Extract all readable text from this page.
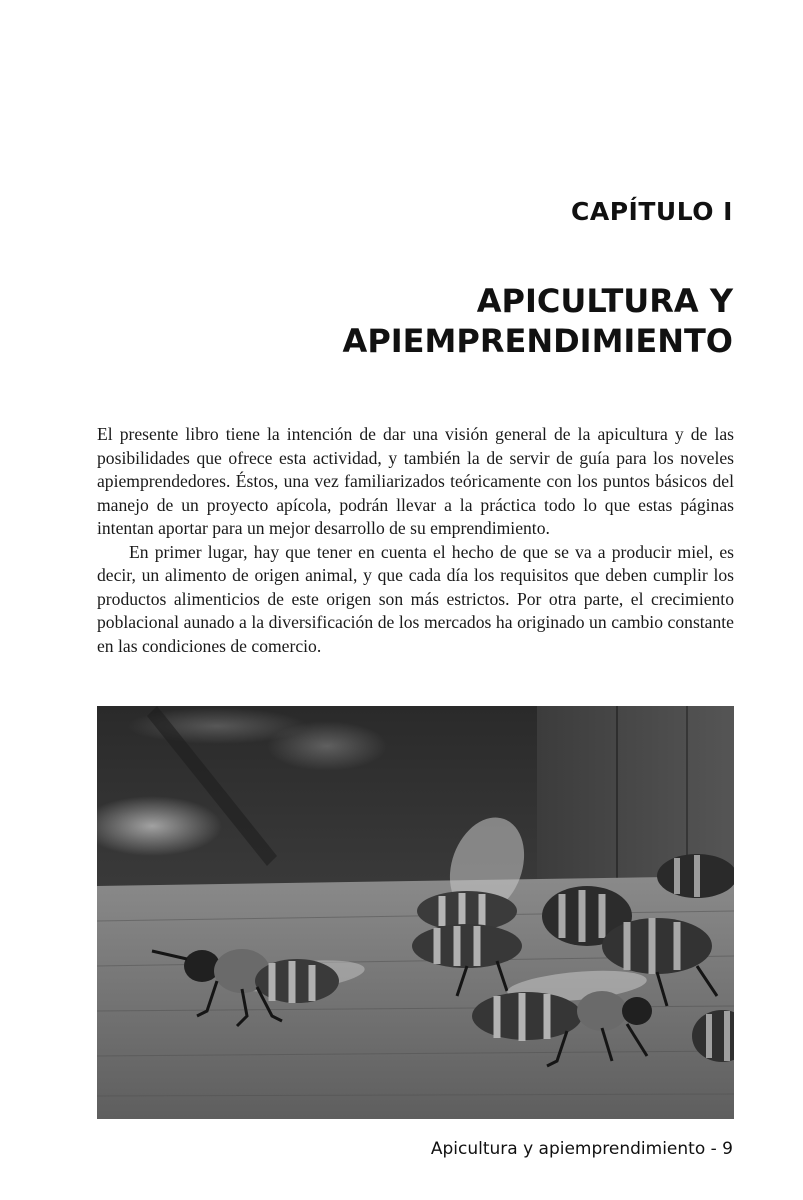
CAPÍTULO I
APICULTURA Y
APIEMPRENDIMIENTO

El presente libro tiene la intención de dar una visión general de la apicultura y de las posibilidades que ofrece esta actividad, y también la de servir de guía para los noveles apiemprendedores. Éstos, una vez familiarizados teóricamente con los puntos básicos del manejo de un proyecto apícola, podrán llevar a la práctica todo lo que estas páginas intentan aportar para un mejor desarrollo de su emprendimiento.

En primer lugar, hay que tener en cuenta el hecho de que se va a producir miel, es decir, un alimento de origen animal, y que cada día los requisitos que deben cumplir los productos alimenticios de este origen son más estrictos. Por otra parte, el crecimiento poblacional aunado a la diversificación de los mercados ha originado un cambio constante en las condiciones de comercio.

Apicultura y apiemprendimiento - 9
